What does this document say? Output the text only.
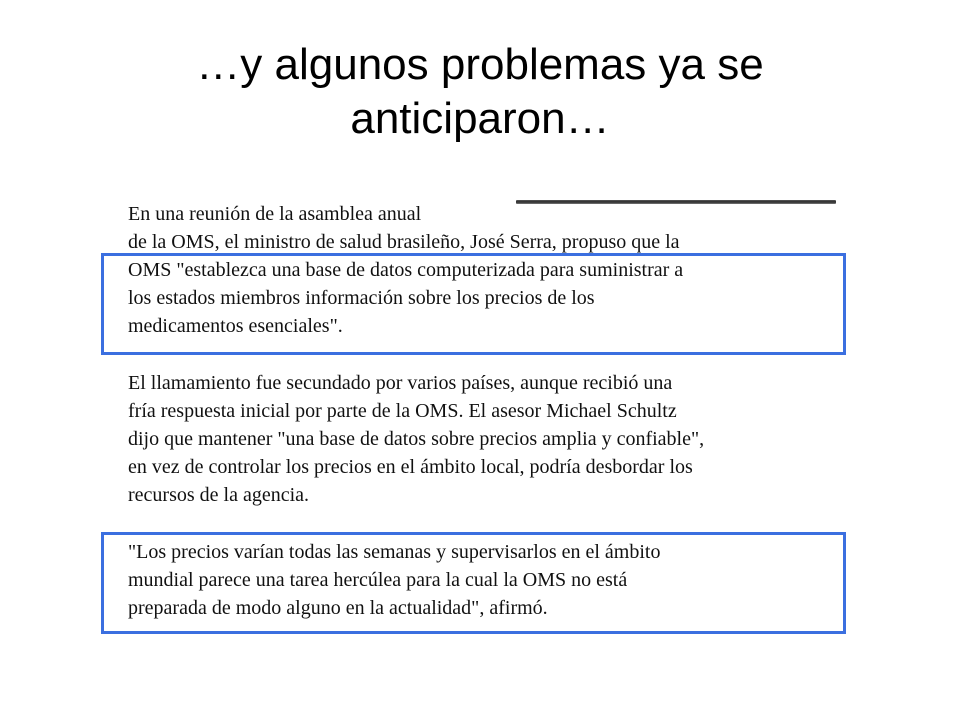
…y algunos problemas ya se
anticiparon…
En una reunión de la asamblea anual
de la OMS, el ministro de salud brasileño, José Serra, propuso que la
OMS "establezca una base de datos computerizada para suministrar a
los estados miembros información sobre los precios de los
medicamentos esenciales".
El llamamiento fue secundado por varios países, aunque recibió una
fría respuesta inicial por parte de la OMS. El asesor Michael Schultz
dijo que mantener "una base de datos sobre precios amplia y confiable",
en vez de controlar los precios en el ámbito local, podría desbordar los
recursos de la agencia.
"Los precios varían todas las semanas y supervisarlos en el ámbito
mundial parece una tarea hercúlea para la cual la OMS no está
preparada de modo alguno en la actualidad", afirmó.
